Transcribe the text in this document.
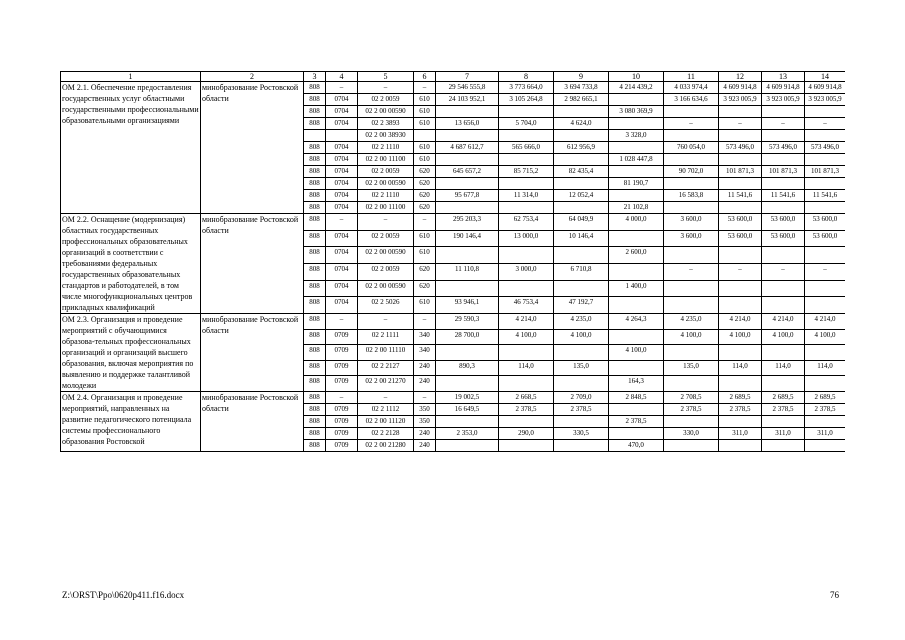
1	2	3	4	5	6	7	8	9	10	11	12	13	14
ОМ 2.1. Обеспечение предоставления государственных услуг областными государственными профессиональными образовательными организациями	минобразование Ростовской области	808	–	–	–	29 546 555,8	3 773 664,0	3 694 733,8	4 214 439,2	4 033 974,4	4 609 914,8	4 609 914,8	4 609 914,8
		808	0704	02 2 0059	610	24 103 952,1	3 105 264,8	2 982 665,1		3 166 634,6	3 923 005,9	3 923 005,9	3 923 005,9
		808	0704	02 2 00 00590	610				3 080 369,9				
		808	0704	02 2 3893	610	13 656,0	5 704,0	4 624,0		–	–	–	–
				02 2 00 38930					3 328,0				
		808	0704	02 2 1110	610	4 687 612,7	565 666,0	612 956,9		760 054,0	573 496,0	573 496,0	573 496,0
		808	0704	02 2 00 11100	610				1 028 447,8				
		808	0704	02 2 0059	620	645 657,2	85 715,2	82 435,4		90 702,0	101 871,3	101 871,3	101 871,3
		808	0704	02 2 00 00590	620				81 190,7				
		808	0704	02 2 1110	620	95 677,8	11 314,0	12 052,4		16 583,8	11 541,6	11 541,6	11 541,6
		808	0704	02 2 00 11100	620				21 102,8				
ОМ 2.2. Оснащение (модернизация) областных государственных профессиональных образовательных организаций в соответствии с требованиями федеральных государственных образовательных стандартов и работодателей, в том числе многофункциональных центров прикладных квалификаций	минобразование Ростовской области	808	–	–	–	295 203,3	62 753,4	64 049,9	4 000,0	3 600,0	53 600,0	53 600,0	53 600,0
		808	0704	02 2 0059	610	190 146,4	13 000,0	10 146,4		3 600,0	53 600,0	53 600,0	53 600,0
		808	0704	02 2 00 00590	610				2 600,0				
		808	0704	02 2 0059	620	11 110,8	3 000,0	6 710,8		–	–	–	–
		808	0704	02 2 00 00590	620				1 400,0				
		808	0704	02 2 5026	610	93 946,1	46 753,4	47 192,7					
ОМ 2.3. Организация и проведение мероприятий с обучающимися образова-тельных профессиональных организаций и организаций высшего образования, включая мероприятия по выявлению и поддержке талантливой молодежи	минобразование Ростовской области	808	–	–	–	29 590,3	4 214,0	4 235,0	4 264,3	4 235,0	4 214,0	4 214,0	4 214,0
		808	0709	02 2 1111	340	28 700,0	4 100,0	4 100,0		4 100,0	4 100,0	4 100,0	4 100,0
		808	0709	02 2 00 11110	340				4 100,0				
		808	0709	02 2 2127	240	890,3	114,0	135,0		135,0	114,0	114,0	114,0
		808	0709	02 2 00 21270	240				164,3				
ОМ 2.4. Организация и проведение мероприятий, направленных на развитие педагогического потенциала системы профессионального образования Ростовской	минобразование Ростовской области	808	–	–	–	19 002,5	2 668,5	2 709,0	2 848,5	2 708,5	2 689,5	2 689,5	2 689,5
		808	0709	02 2 1112	350	16 649,5	2 378,5	2 378,5		2 378,5	2 378,5	2 378,5	2 378,5
		808	0709	02 2 00 11120	350				2 378,5				
		808	0709	02 2 2128	240	2 353,0	290,0	330,5		330,0	311,0	311,0	311,0
		808	0709	02 2 00 21280	240				470,0				
Z:\ORST\Ppo\0620p411.f16.docx	76
